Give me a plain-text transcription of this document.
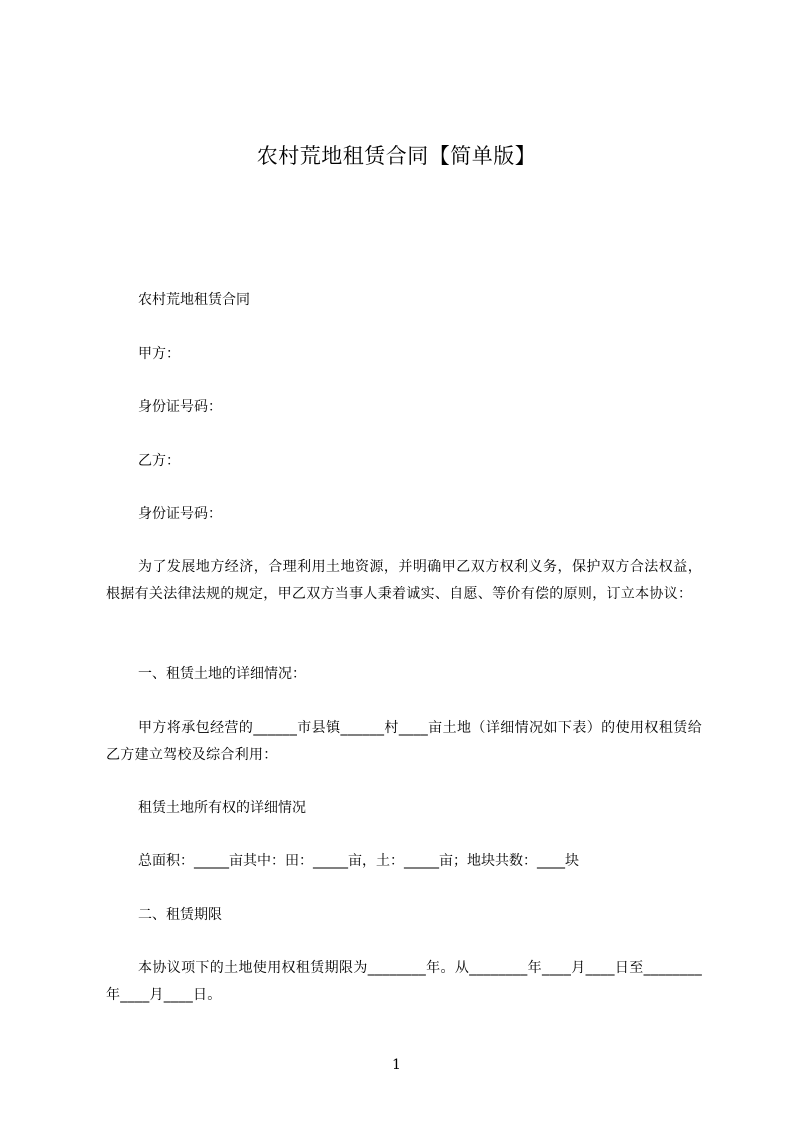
农村荒地租赁合同【简单版】
农村荒地租赁合同
甲方：
身份证号码：
乙方：
身份证号码：
为了发展地方经济，合理利用土地资源，并明确甲乙双方权利义务，保护双方合法权益，根据有关法律法规的规定，甲乙双方当事人秉着诚实、自愿、等价有偿的原则，订立本协议：
一、租赁土地的详细情况：
甲方将承包经营的______市县镇______村____亩土地（详细情况如下表）的使用权租赁给乙方建立驾校及综合利用：
租赁土地所有权的详细情况
总面积：_____亩其中：田：_____亩，土：_____亩；地块共数：____块
二、租赁期限
本协议项下的土地使用权租赁期限为________年。从________年____月____日至________年____月____日。
1
